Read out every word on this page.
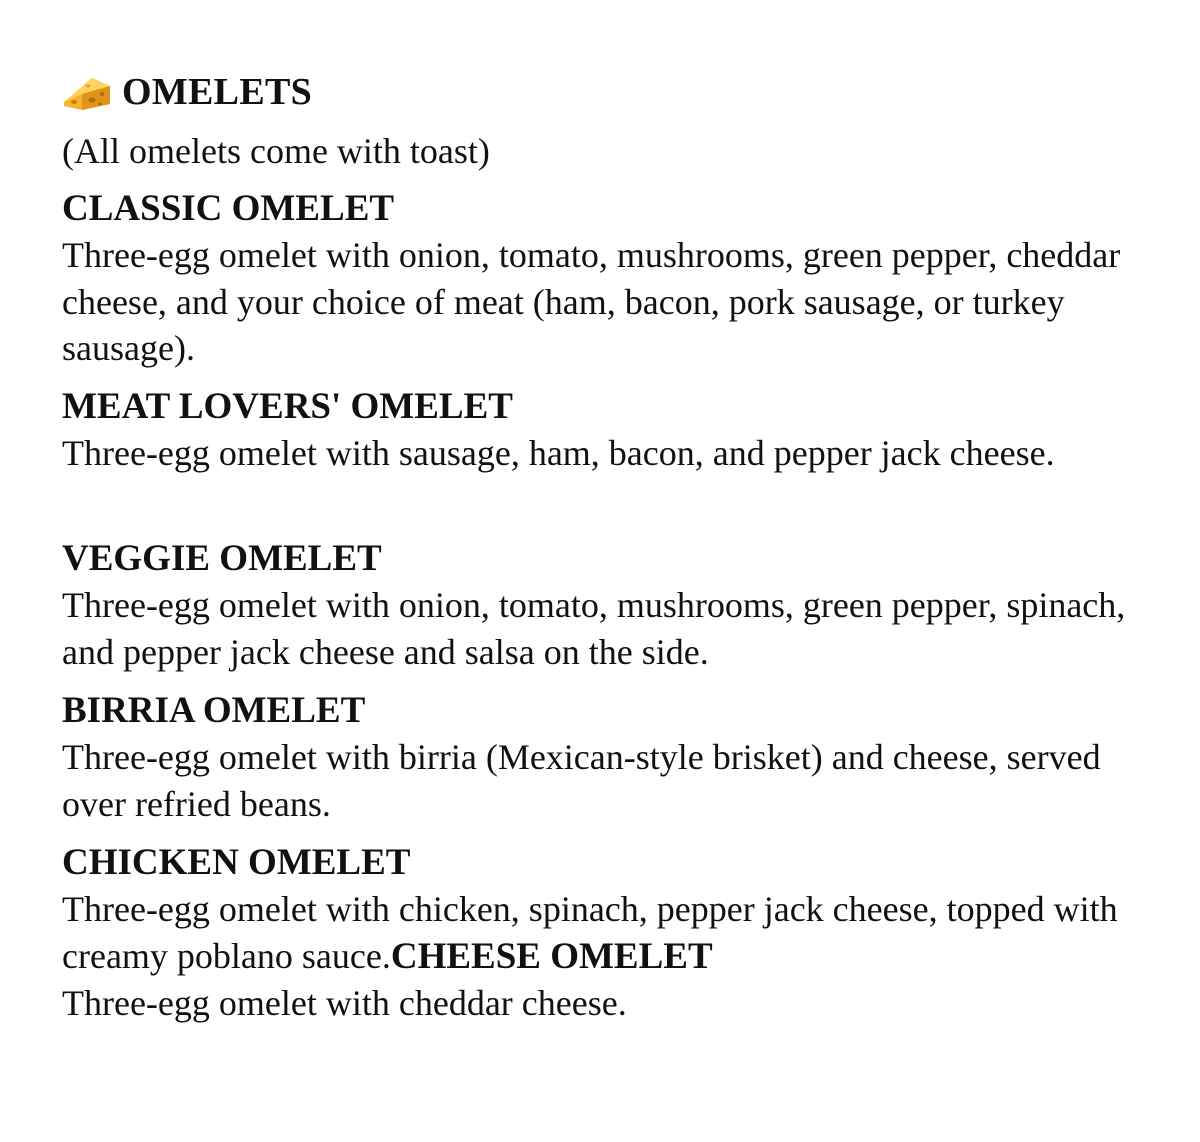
OMELETS
(All omelets come with toast)
CLASSIC OMELET
Three-egg omelet with onion, tomato, mushrooms, green pepper, cheddar cheese, and your choice of meat (ham, bacon, pork sausage, or turkey sausage).
MEAT LOVERS' OMELET
Three-egg omelet with sausage, ham, bacon, and pepper jack cheese.
VEGGIE OMELET
Three-egg omelet with onion, tomato, mushrooms, green pepper, spinach, and pepper jack cheese and salsa on the side.
BIRRIA OMELET
Three-egg omelet with birria (Mexican-style brisket) and cheese, served over refried beans.
CHICKEN OMELET
Three-egg omelet with chicken, spinach, pepper jack cheese, topped with creamy poblano sauce.CHEESE OMELET
Three-egg omelet with cheddar cheese.
